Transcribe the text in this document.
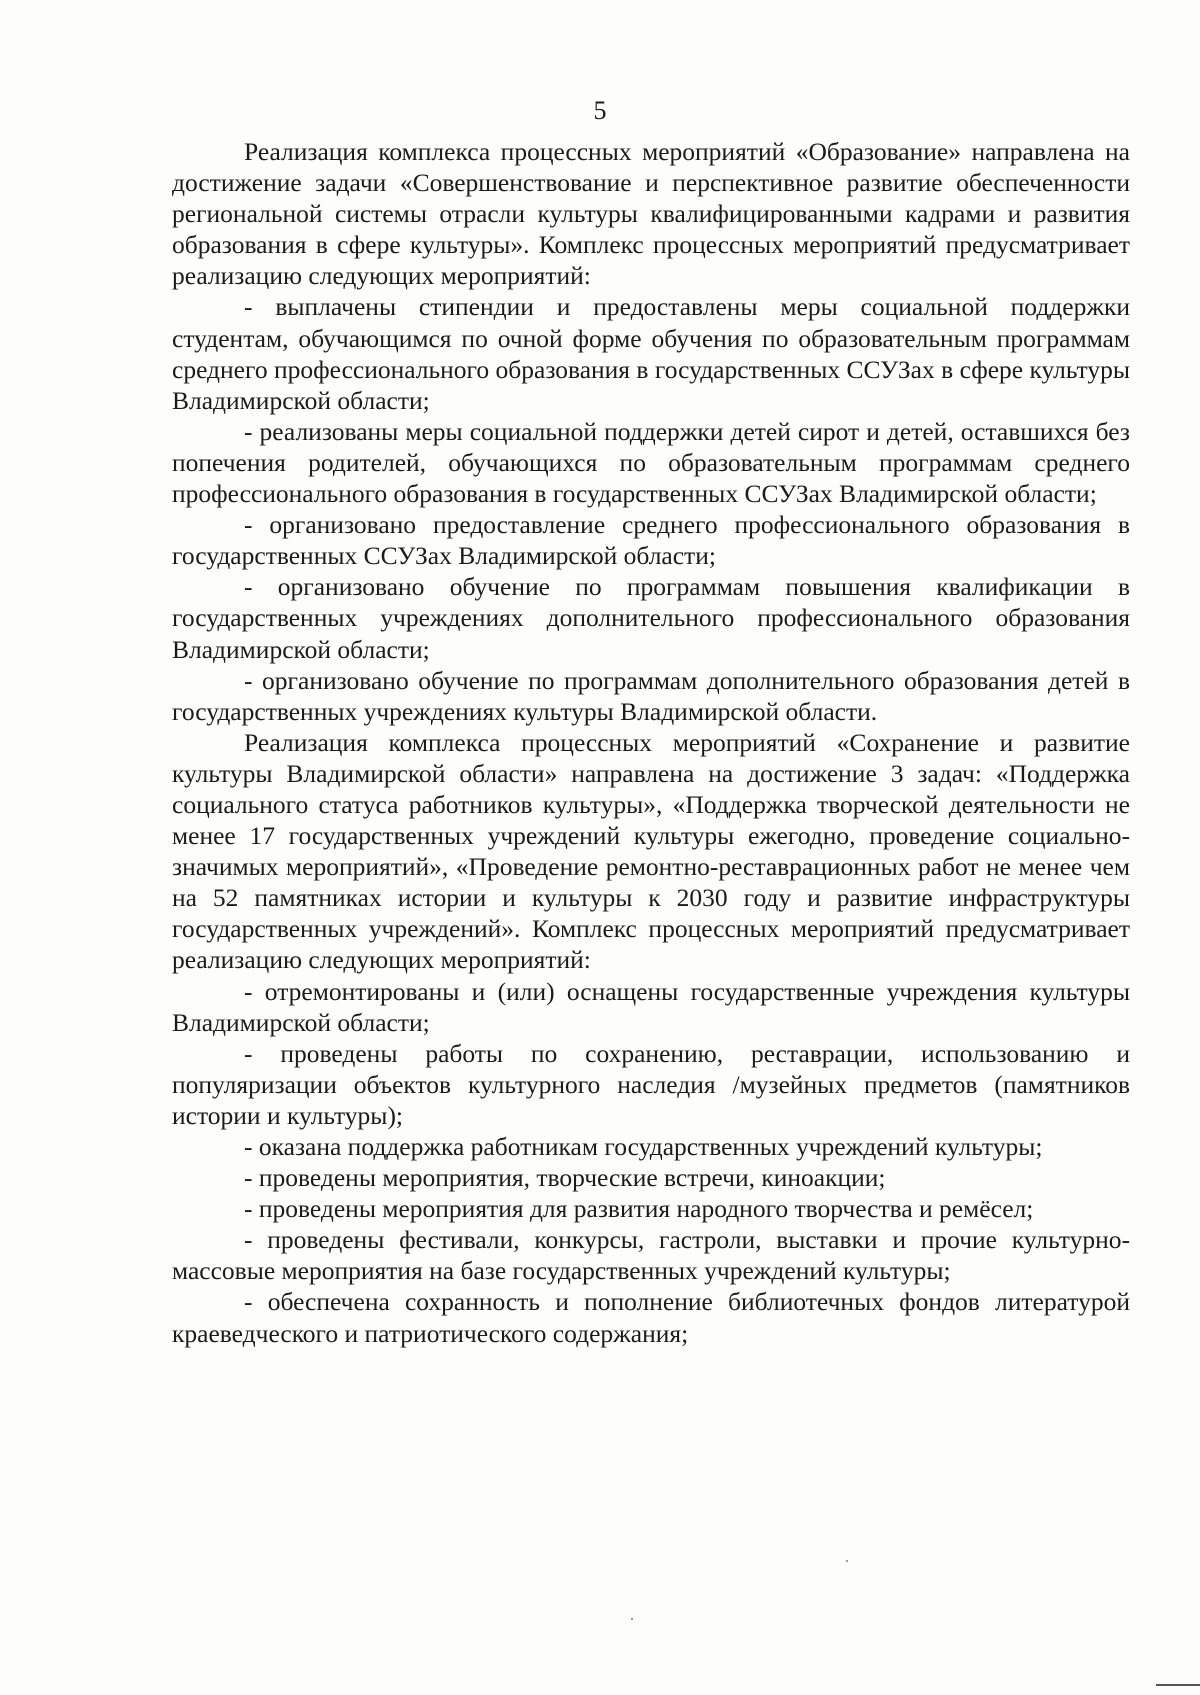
5

Реализация комплекса процессных мероприятий «Образование» направлена на достижение задачи «Совершенствование и перспективное развитие обеспеченности региональной системы отрасли культуры квалифицированными кадрами и развития образования в сфере культуры». Комплекс процессных мероприятий предусматривает реализацию следующих мероприятий:

- выплачены стипендии и предоставлены меры социальной поддержки студентам, обучающимся по очной форме обучения по образовательным программам среднего профессионального образования в государственных ССУЗах в сфере культуры Владимирской области;

- реализованы меры социальной поддержки детей сирот и детей, оставшихся без попечения родителей, обучающихся по образовательным программам среднего профессионального образования в государственных ССУЗах Владимирской области;

- организовано предоставление среднего профессионального образования в государственных ССУЗах Владимирской области;

- организовано обучение по программам повышения квалификации в государственных учреждениях дополнительного профессионального образования Владимирской области;

- организовано обучение по программам дополнительного образования детей в государственных учреждениях культуры Владимирской области.

Реализация комплекса процессных мероприятий «Сохранение и развитие культуры Владимирской области» направлена на достижение 3 задач: «Поддержка социального статуса работников культуры», «Поддержка творческой деятельности не менее 17 государственных учреждений культуры ежегодно, проведение социально-значимых мероприятий», «Проведение ремонтно-реставрационных работ не менее чем на 52 памятниках истории и культуры к 2030 году и развитие инфраструктуры государственных учреждений». Комплекс процессных мероприятий предусматривает реализацию следующих мероприятий:

- отремонтированы и (или) оснащены государственные учреждения культуры Владимирской области;

- проведены работы по сохранению, реставрации, использованию и популяризации объектов культурного наследия /музейных предметов (памятников истории и культуры);

- оказана поддержка работникам государственных учреждений культуры;

- проведены мероприятия, творческие встречи, киноакции;

- проведены мероприятия для развития народного творчества и ремёсел;

- проведены фестивали, конкурсы, гастроли, выставки и прочие культурно-массовые мероприятия на базе государственных учреждений культуры;

- обеспечена сохранность и пополнение библиотечных фондов литературой краеведческого и патриотического содержания;
